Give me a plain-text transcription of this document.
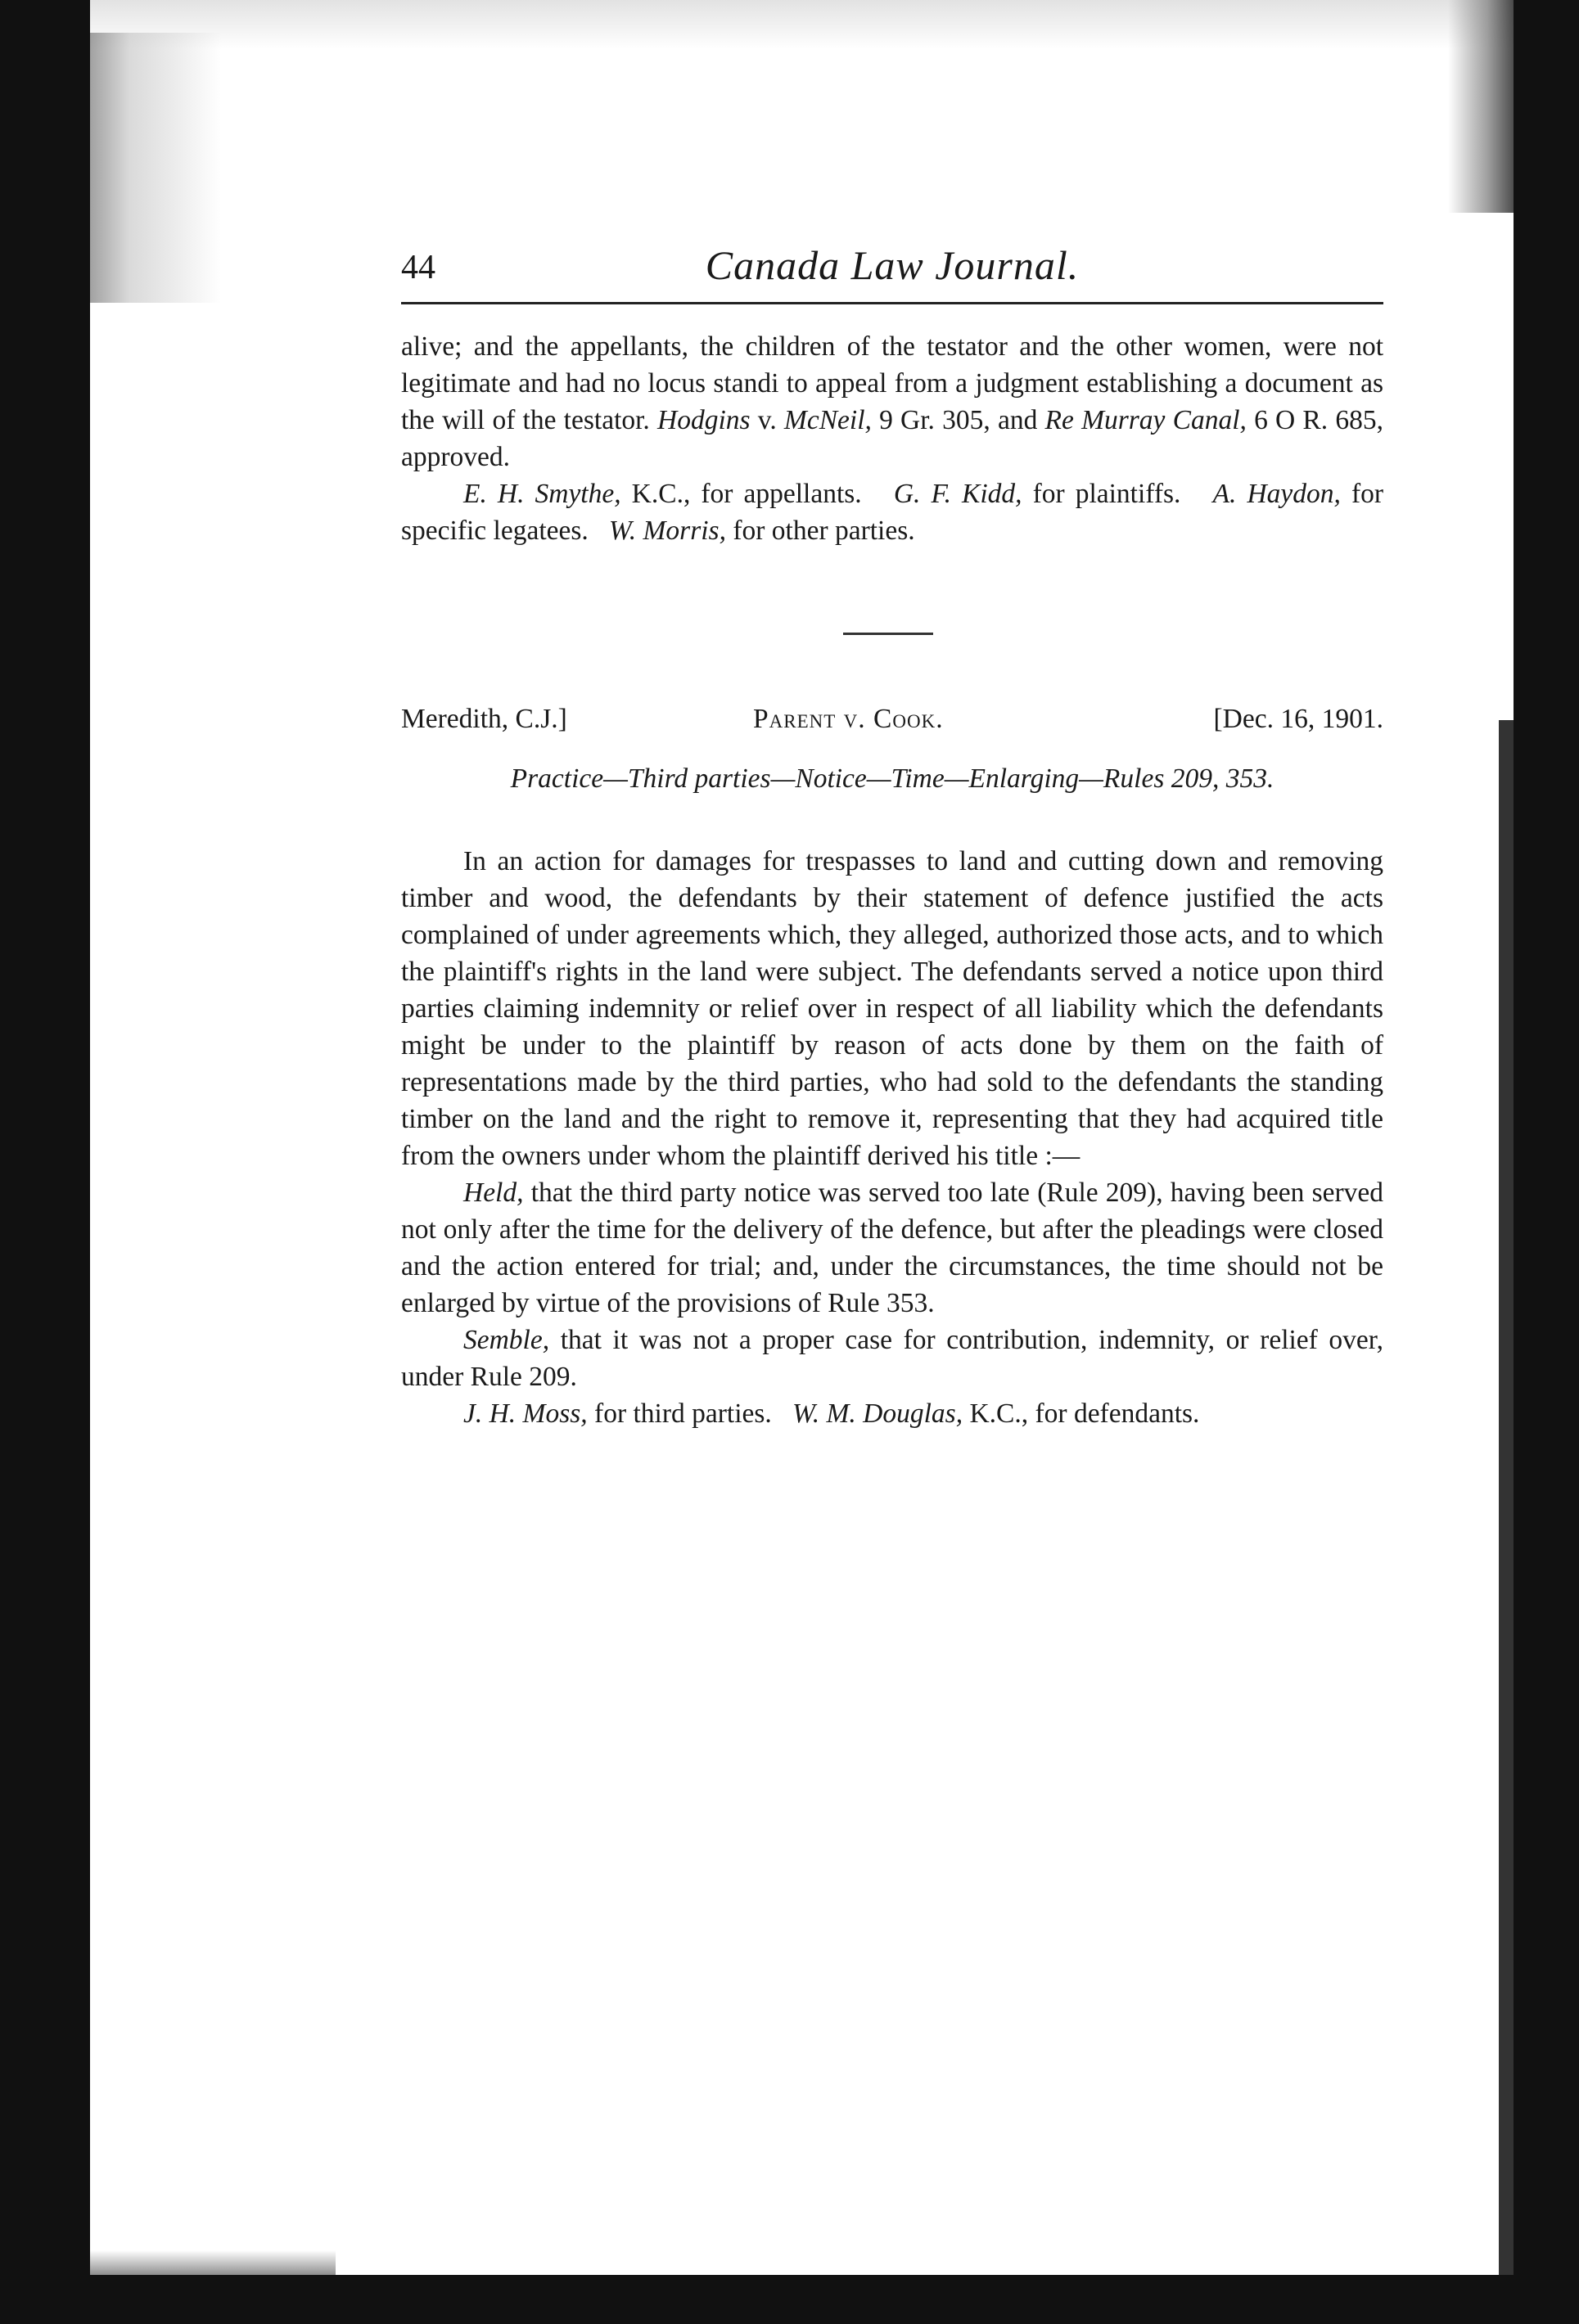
44	Canada Law Journal.

alive; and the appellants, the children of the testator and the other women, were not legitimate and had no locus standi to appeal from a judgment establishing a document as the will of the testator. Hodgins v. McNeil, 9 Gr. 305, and Re Murray Canal, 6 O R. 685, approved.

E. H. Smythe, K.C., for appellants. G. F. Kidd, for plaintiffs. A. Haydon, for specific legatees. W. Morris, for other parties.

Meredith, C.J.]	Parent v. Cook.	[Dec. 16, 1901.
Practice—Third parties—Notice—Time—Enlarging—Rules 209, 353.

In an action for damages for trespasses to land and cutting down and removing timber and wood, the defendants by their statement of defence justified the acts complained of under agreements which, they alleged, authorized those acts, and to which the plaintiff's rights in the land were subject. The defendants served a notice upon third parties claiming indemnity or relief over in respect of all liability which the defendants might be under to the plaintiff by reason of acts done by them on the faith of representations made by the third parties, who had sold to the defendants the standing timber on the land and the right to remove it, representing that they had acquired title from the owners under whom the plaintiff derived his title :—

Held, that the third party notice was served too late (Rule 209), having been served not only after the time for the delivery of the defence, but after the pleadings were closed and the action entered for trial; and, under the circumstances, the time should not be enlarged by virtue of the provisions of Rule 353.

Semble, that it was not a proper case for contribution, indemnity, or relief over, under Rule 209.

J. H. Moss, for third parties. W. M. Douglas, K.C., for defendants.
